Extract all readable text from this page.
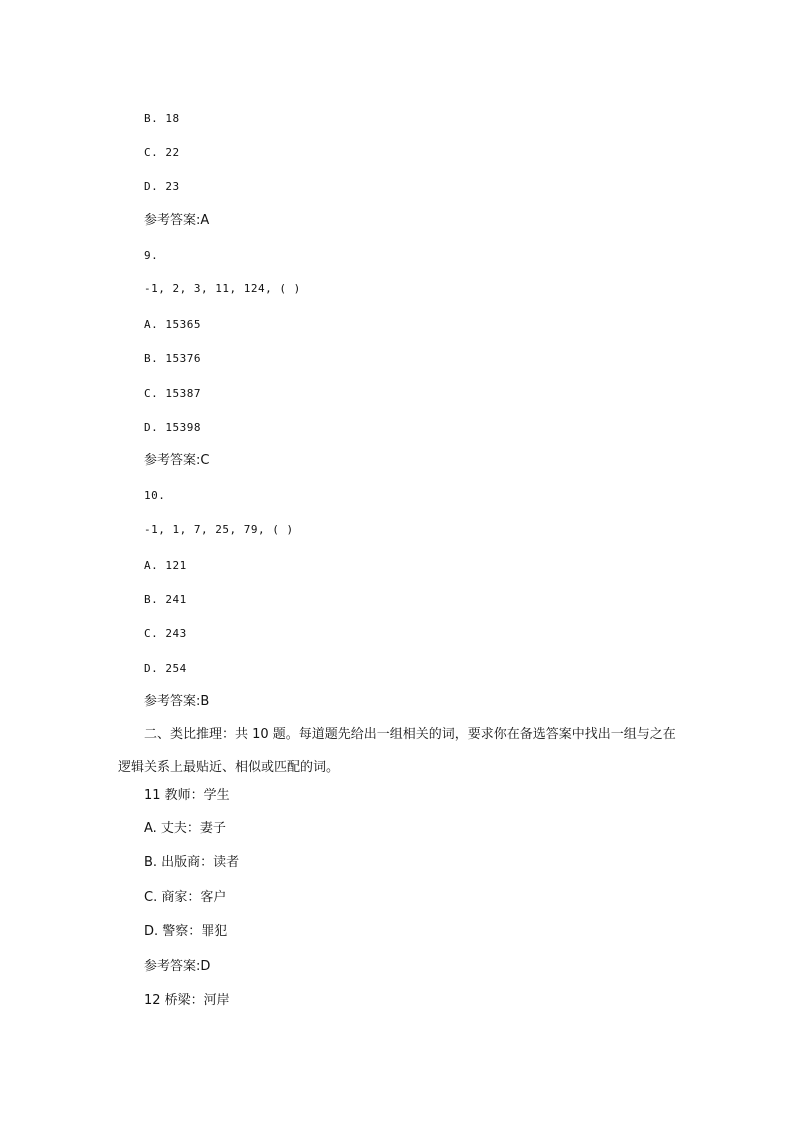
B. 18
C. 22
D. 23
参考答案:A
9.
-1, 2, 3, 11, 124, ( )
A. 15365
B. 15376
C. 15387
D. 15398
参考答案:C
10.
-1, 1, 7, 25, 79, ( )
A. 121
B. 241
C. 243
D. 254
参考答案:B
二、类比推理：共 10 题。每道题先给出一组相关的词，要求你在备选答案中找出一组与之在逻辑关系上最贴近、相似或匹配的词。
11 教师：学生
A. 丈夫：妻子
B. 出版商：读者
C. 商家：客户
D. 警察：罪犯
参考答案:D
12 桥梁：河岸
